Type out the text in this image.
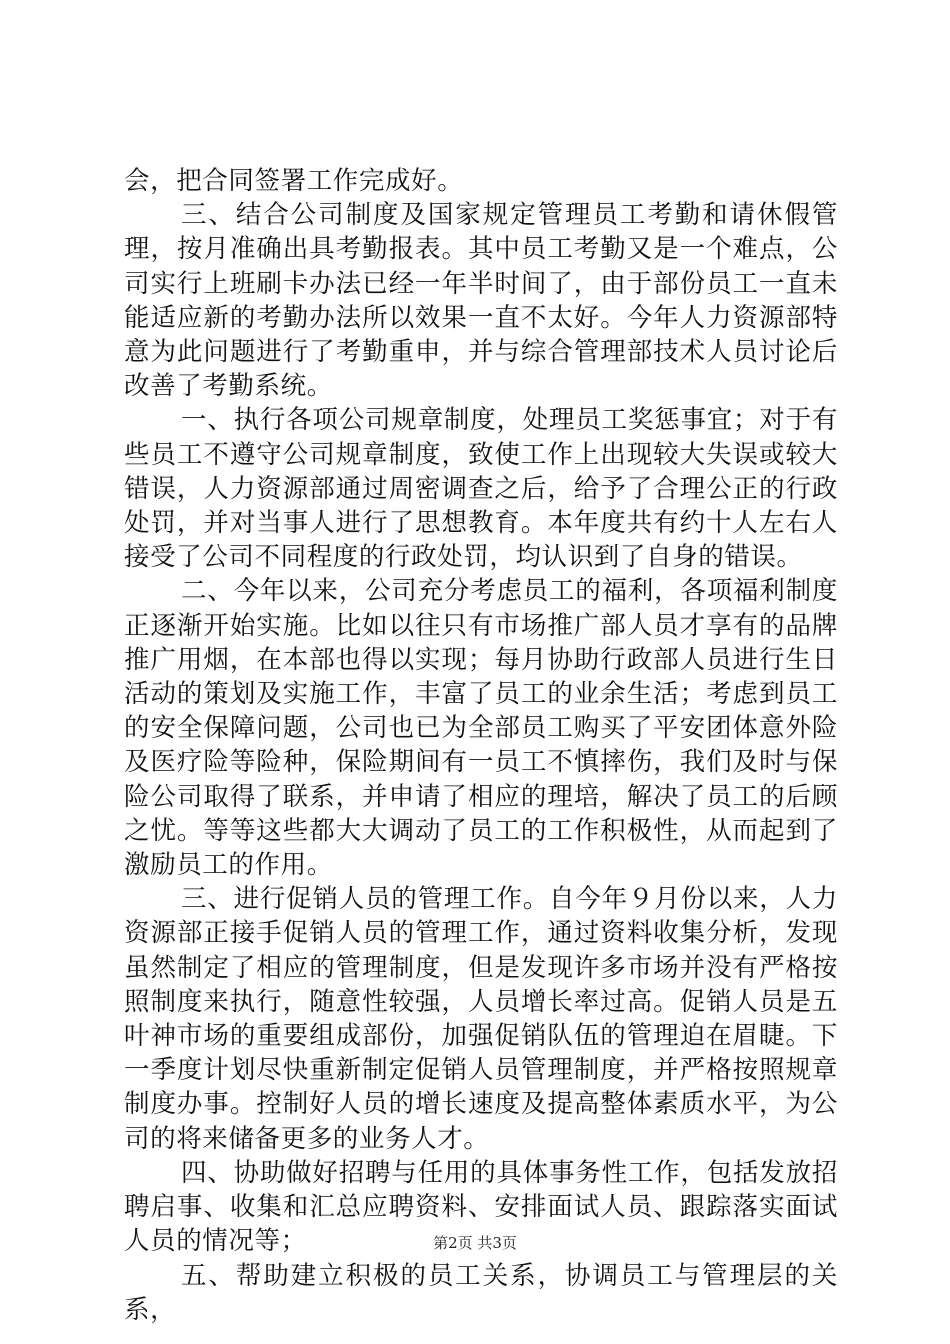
会，把合同签署工作完成好。

三、结合公司制度及国家规定管理员工考勤和请休假管理，按月准确出具考勤报表。其中员工考勤又是一个难点，公司实行上班刷卡办法已经一年半时间了，由于部份员工一直未能适应新的考勤办法所以效果一直不太好。今年人力资源部特意为此问题进行了考勤重申，并与综合管理部技术人员讨论后改善了考勤系统。

一、执行各项公司规章制度，处理员工奖惩事宜；对于有些员工不遵守公司规章制度，致使工作上出现较大失误或较大错误，人力资源部通过周密调查之后，给予了合理公正的行政处罚，并对当事人进行了思想教育。本年度共有约十人左右人接受了公司不同程度的行政处罚，均认识到了自身的错误。

二、今年以来，公司充分考虑员工的福利，各项福利制度正逐渐开始实施。比如以往只有市场推广部人员才享有的品牌推广用烟，在本部也得以实现；每月协助行政部人员进行生日活动的策划及实施工作，丰富了员工的业余生活；考虑到员工的安全保障问题，公司也已为全部员工购买了平安团体意外险及医疗险等险种，保险期间有一员工不慎摔伤，我们及时与保险公司取得了联系，并申请了相应的理培，解决了员工的后顾之忧。等等这些都大大调动了员工的工作积极性，从而起到了激励员工的作用。

三、进行促销人员的管理工作。自今年９月份以来，人力资源部正接手促销人员的管理工作，通过资料收集分析，发现虽然制定了相应的管理制度，但是发现许多市场并没有严格按照制度来执行，随意性较强，人员增长率过高。促销人员是五叶神市场的重要组成部份，加强促销队伍的管理迫在眉睫。下一季度计划尽快重新制定促销人员管理制度，并严格按照规章制度办事。控制好人员的增长速度及提高整体素质水平，为公司的将来储备更多的业务人才。

四、协助做好招聘与任用的具体事务性工作，包括发放招聘启事、收集和汇总应聘资料、安排面试人员、跟踪落实面试人员的情况等；

五、帮助建立积极的员工关系，协调员工与管理层的关系，

第2页 共3页
